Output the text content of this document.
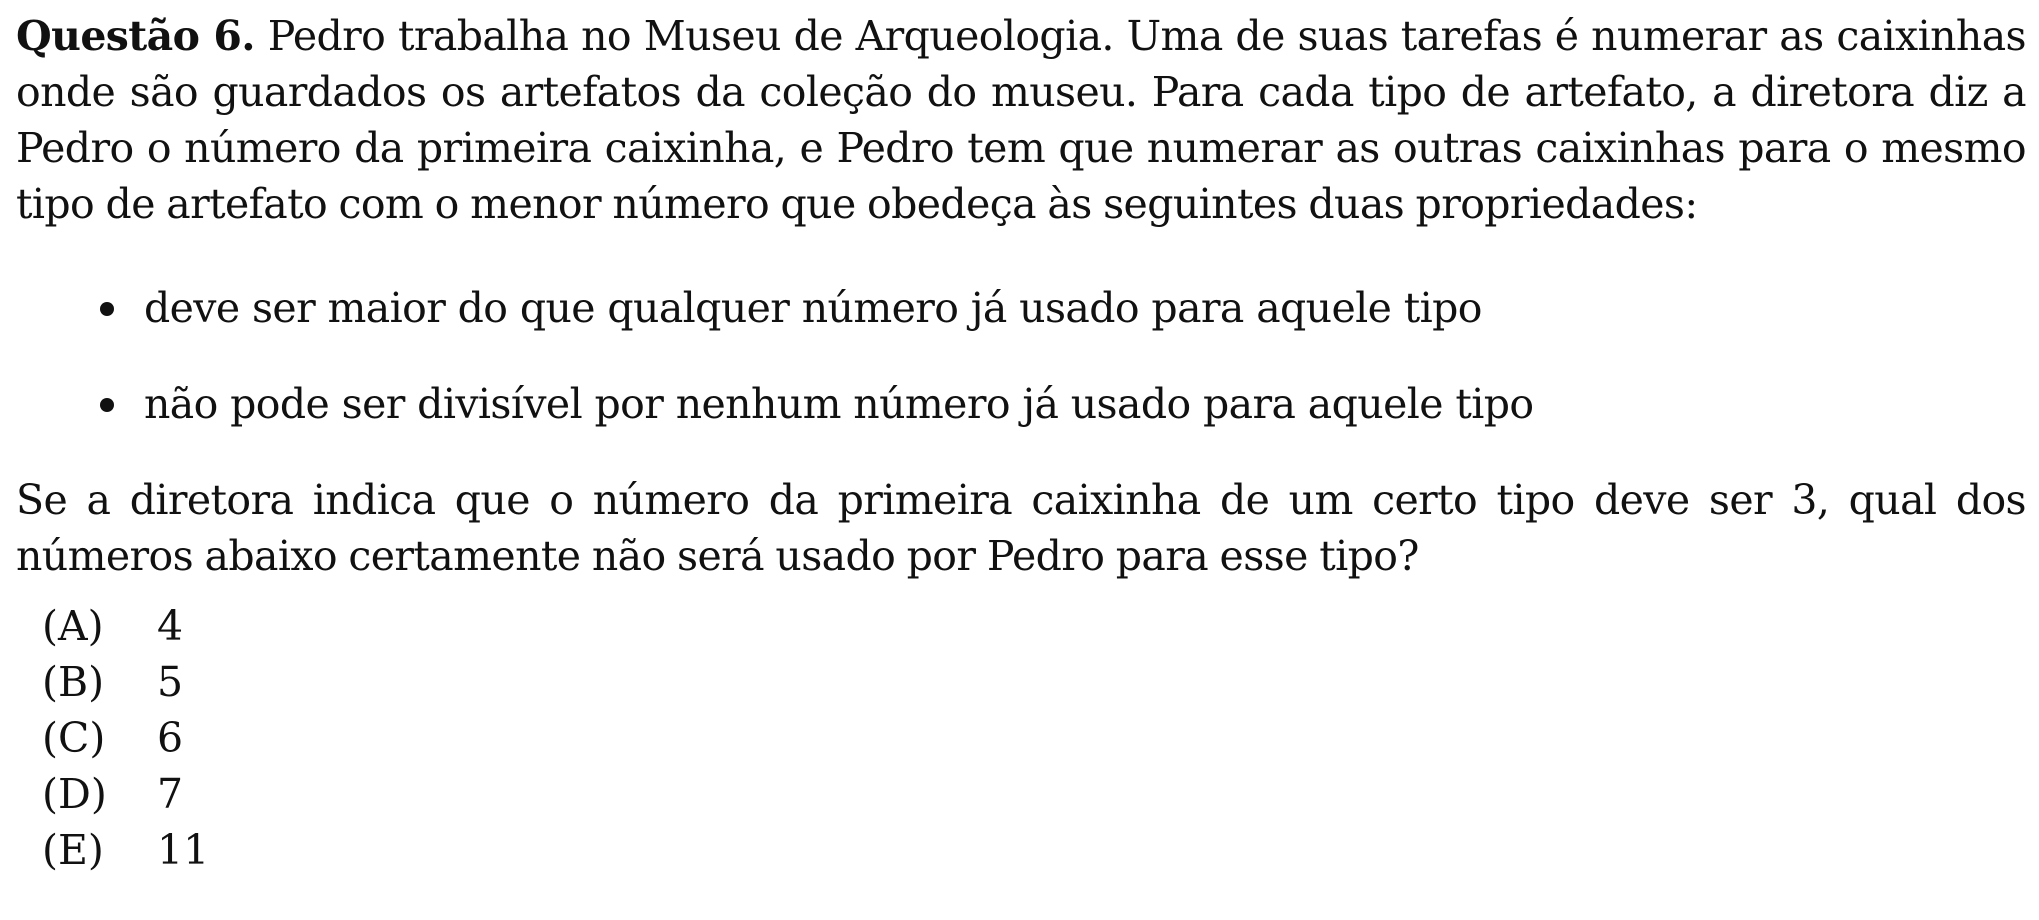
Questão 6. Pedro trabalha no Museu de Arqueologia. Uma de suas tarefas é numerar as caixinhas onde são guardados os artefatos da coleção do museu. Para cada tipo de artefato, a diretora diz a Pedro o número da primeira caixinha, e Pedro tem que numerar as outras caixinhas para o mesmo tipo de artefato com o menor número que obedeça às seguintes duas propriedades:

deve ser maior do que qualquer número já usado para aquele tipo
não pode ser divisível por nenhum número já usado para aquele tipo

Se a diretora indica que o número da primeira caixinha de um certo tipo deve ser 3, qual dos números abaixo certamente não será usado por Pedro para esse tipo?

(A)	4
(B)	5
(C)	6
(D)	7
(E)	11
